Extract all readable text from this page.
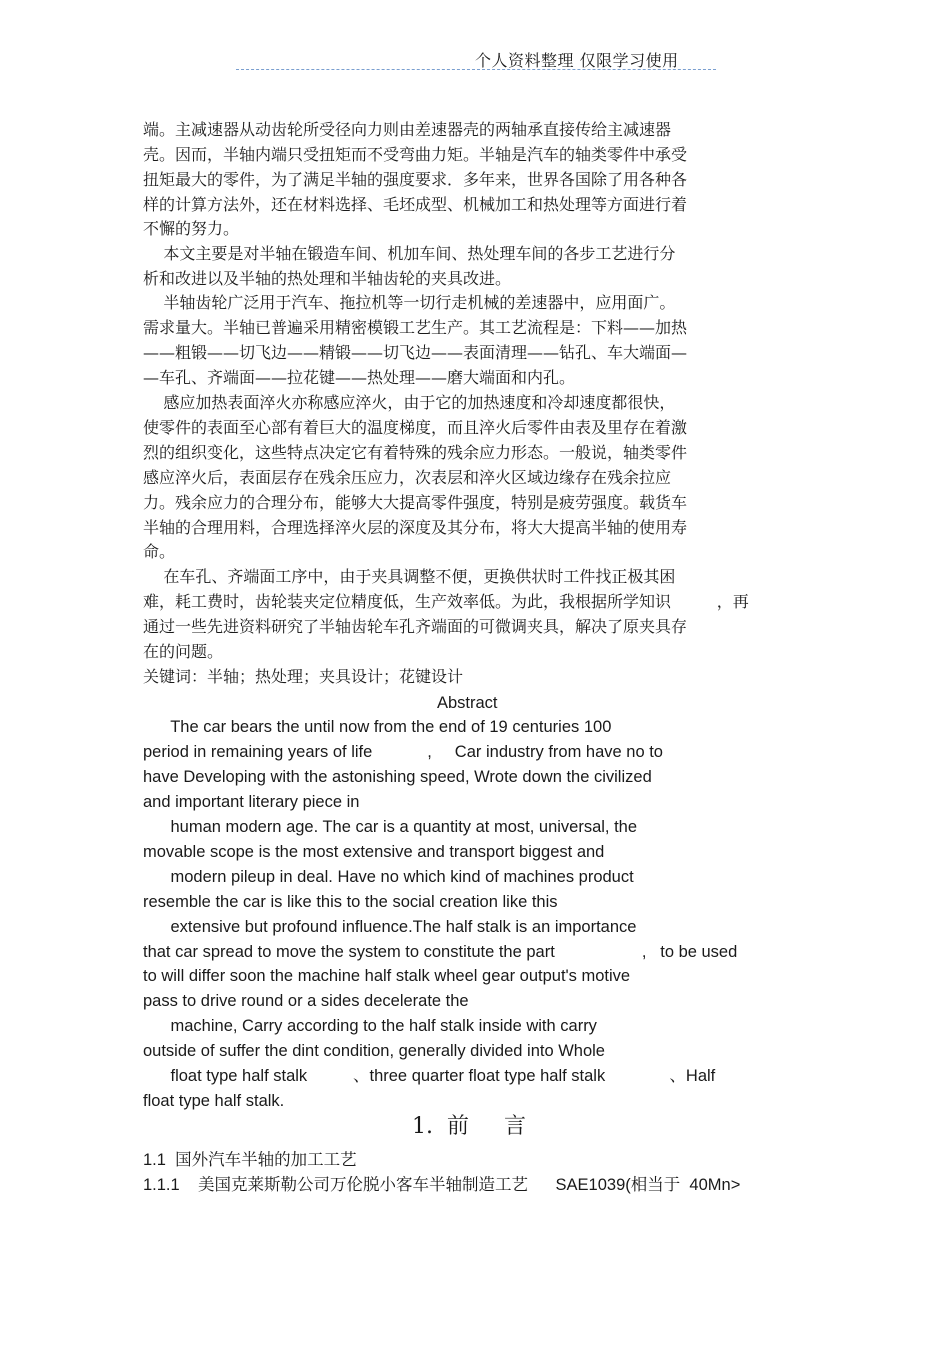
个人资料整理 仅限学习使用
端。主减速器从动齿轮所受径向力则由差速器壳的两轴承直接传给主减速器
壳。因而，半轴内端只受扭矩而不受弯曲力矩。半轴是汽车的轴类零件中承受
扭矩最大的零件，为了满足半轴的强度要求．多年来，世界各国除了用各种各
样的计算方法外，还在材料选择、毛坯成型、机械加工和热处理等方面进行着
不懈的努力。
本文主要是对半轴在锻造车间、机加车间、热处理车间的各步工艺进行分
析和改进以及半轴的热处理和半轴齿轮的夹具改进。
半轴齿轮广泛用于汽车、拖拉机等一切行走机械的差速器中，应用面广。
需求量大。半轴已普遍采用精密模锻工艺生产。其工艺流程是：下料——加热
——粗锻——切飞边——精锻——切飞边——表面清理——钻孔、车大端面—
—车孔、齐端面——拉花键——热处理——磨大端面和内孔。
感应加热表面淬火亦称感应淬火，由于它的加热速度和冷却速度都很快，
使零件的表面至心部有着巨大的温度梯度，而且淬火后零件由表及里存在着激
烈的组织变化，这些特点决定它有着特殊的残余应力形态。一般说，轴类零件
感应淬火后，表面层存在残余压应力，次表层和淬火区域边缘存在残余拉应
力。残余应力的合理分布，能够大大提高零件强度，特别是疲劳强度。载货车
半轴的合理用料，合理选择淬火层的深度及其分布，将大大提高半轴的使用寿
命。
在车孔、齐端面工序中，由于夹具调整不便，更换供状时工件找正极其困
难，耗工费时，齿轮装夹定位精度低，生产效率低。为此，我根据所学知识         ，再
通过一些先进资料研究了半轴齿轮车孔齐端面的可微调夹具，解决了原夹具存
在的问题。
关键词：半轴；热处理；夹具设计；花键设计
Abstract
The car bears the until now from the end of 19 centuries 100
period in remaining years of life            ,     Car industry from have no to
have Developing with the astonishing speed, Wrote down the civilized
and important literary piece in
human modern age. The car is a quantity at most, universal, the
movable scope is the most extensive and transport biggest and
modern pileup in deal. Have no which kind of machines product
resemble the car is like this to the social creation like this
extensive but profound influence.The half stalk is an importance
that car spread to move the system to constitute the part                   ,   to be used
to will differ soon the machine half stalk wheel gear output's motive
pass to drive round or a sides decelerate the
machine, Carry according to the half stalk inside with carry
outside of suffer the dint condition, generally divided into Whole
float type half stalk          、three quarter float type half stalk              、Half
float type half stalk.
1.  前     言
1.1  国外汽车半轴的加工工艺
1.1.1    美国克莱斯勒公司万伦脱小客车半轴制造工艺      SAE1039(相当于  40Mn>
